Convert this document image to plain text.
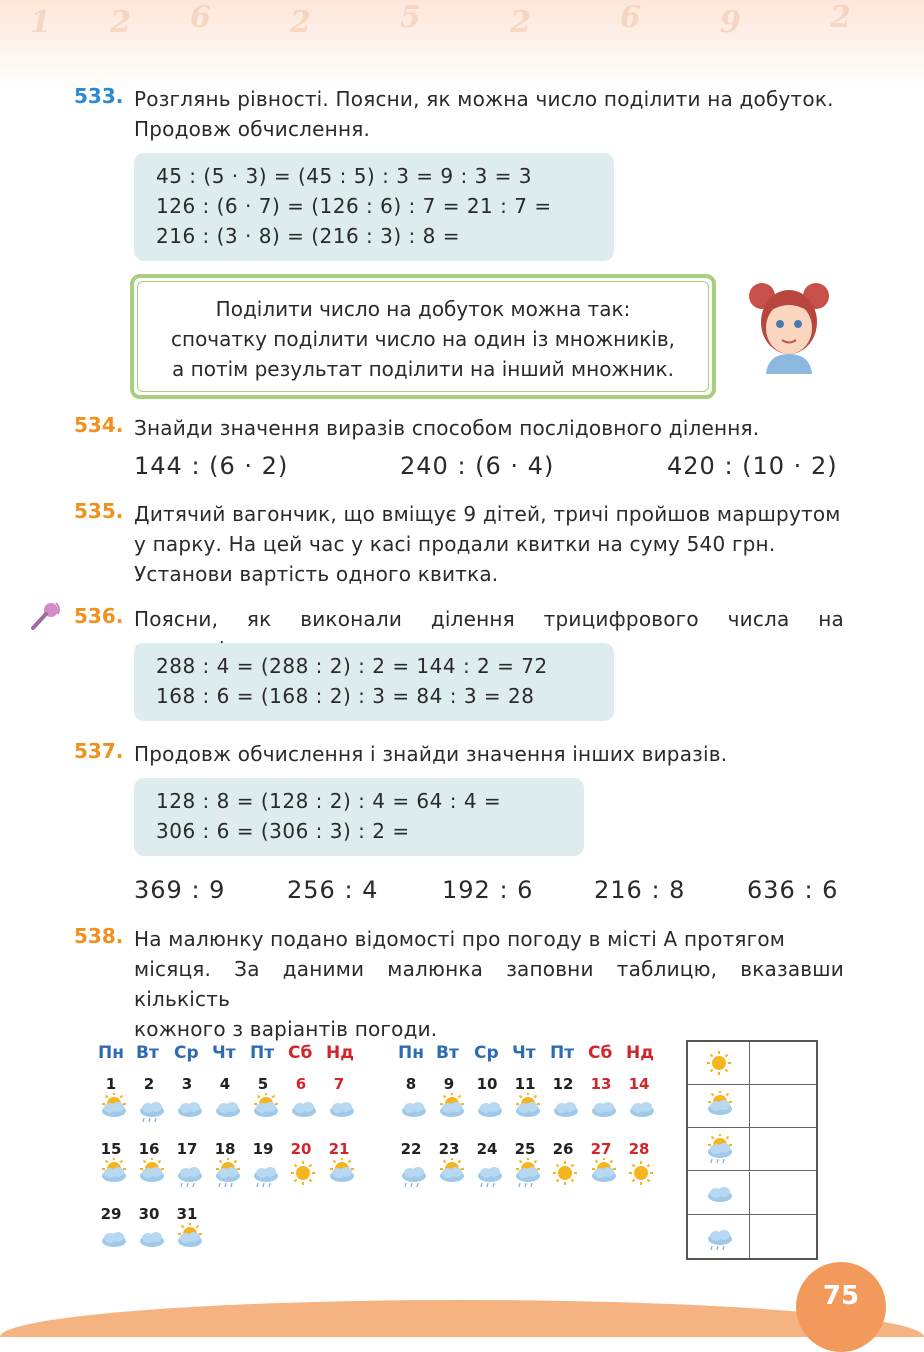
1 2 6	2	5	2	6	9	2
533. Розглянь рівності. Поясни, як можна число поділити на добуток.
Продовж обчислення.
45 : (5 · 3) = (45 : 5) : 3 = 9 : 3 = 3
126 : (6 · 7) = (126 : 6) : 7 = 21 : 7 =
216 : (3 · 8) = (216 : 3) : 8 =
Поділити число на добуток можна так:
спочатку поділити число на один із множників,
а потім результат поділити на інший множник.
534. Знайди значення виразів способом послідовного ділення.
144 : (6 · 2)	240 : (6 · 4)	420 : (10 · 2)
535. Дитячий вагончик, що вміщує 9 дітей, тричі пройшов маршрутом
у парку. На цей час у касі продали квитки на суму 540 грн.
Установи вартість одного квитка.
536. Поясни, як виконали ділення трицифрового числа на
288 : 4 = (288 : 2) : 2 = 144 : 2 = 72
168 : 6 = (168 : 2) : 3 = 84 : 3 = 28
537. Продовж обчислення і знайди значення інших виразів.
128 : 8 = (128 : 2) : 4 = 64 : 4 =
306 : 6 = (306 : 3) : 2 =
369 : 9	256 : 4	192 : 6	216 : 8	636 : 6
538. На малюнку подано відомості про погоду в місті А протягом
місяця. За даними малюнка заповни таблицю, вказавши кількість
кожного з варіантів погоди.
Пн Вт Ср Чт Пт Сб Нд
1	2	3	4	5	6	7
15	16	17	18	19	20	21
29	30	31
Пн Вт Ср Чт Пт Сб Нд
8	9	10	11	12	13	14
22	23	24	25	26	27	28
75
